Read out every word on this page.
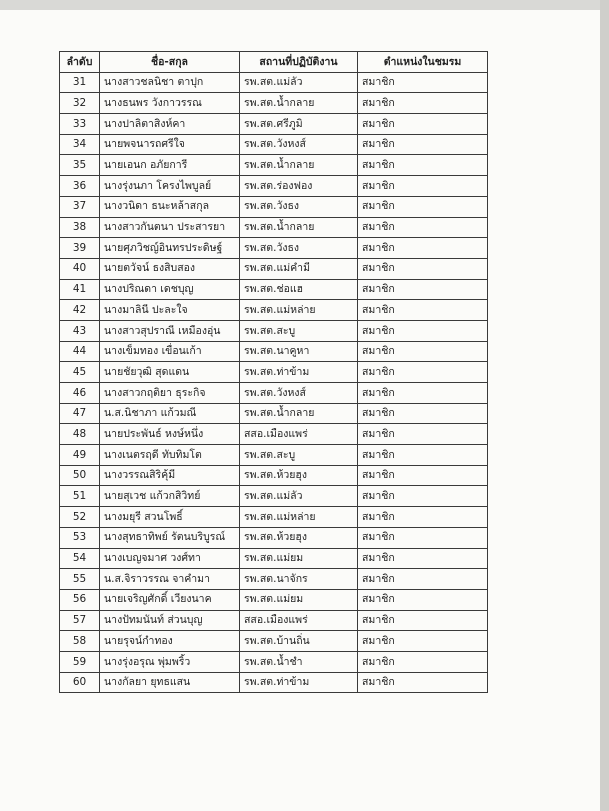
ลำดับ	ชื่อ-สกุล	สถานที่ปฏิบัติงาน	ตำแหน่งในชมรม
31	นางสาวชลนิชา ตาปุก	รพ.สต.แม่ลัว	สมาชิก
32	นางธนพร วังกาวรรณ	รพ.สต.น้ำกลาย	สมาชิก
33	นางปาลิตาสิงห์คา	รพ.สต.ศรีภูมิ	สมาชิก
34	นายพจนารถศรีใจ	รพ.สต.วังหงส์	สมาชิก
35	นายเอนก อภัยการี	รพ.สต.น้ำกลาย	สมาชิก
36	นางรุ่งนภา โครงไพบูลย์	รพ.สต.ร่องฟอง	สมาชิก
37	นางวนิดา ธนะหล้าสกุล	รพ.สต.วังธง	สมาชิก
38	นางสาวกันตนา ประสารยา	รพ.สต.น้ำกลาย	สมาชิก
39	นายศุภวิชญ์อินทรประดิษฐ์	รพ.สต.วังธง	สมาชิก
40	นายตวัจน์ ธงสิบสอง	รพ.สต.แม่คำมี	สมาชิก
41	นางปริณดา เดชบุญ	รพ.สต.ช่อแฮ	สมาชิก
42	นางมาลินี ปะละใจ	รพ.สต.แม่หล่าย	สมาชิก
43	นางสาวสุปราณี เหมืองอุ่น	รพ.สต.สะบู	สมาชิก
44	นางเข็มทอง เขื่อนเก้า	รพ.สต.นาคูหา	สมาชิก
45	นายชัยวุฒิ สุดแดน	รพ.สต.ท่าข้าม	สมาชิก
46	นางสาวกฤติยา ธุระกิจ	รพ.สต.วังหงส์	สมาชิก
47	น.ส.นิชาภา แก้วมณี	รพ.สต.น้ำกลาย	สมาชิก
48	นายประพันธ์ หงษ์หนึ่ง	สสอ.เมืองแพร่	สมาชิก
49	นางเนตรฤดี ทับทิมโต	รพ.สต.สะบู	สมาชิก
50	นางวรรณสิริคุ้มี	รพ.สต.ห้วยฮุง	สมาชิก
51	นายสุเวช แก้วกสิวิทย์	รพ.สต.แม่ลัว	สมาชิก
52	นางมยุรี สวนโพธิ์	รพ.สต.แม่หล่าย	สมาชิก
53	นางสุทธาทิพย์ รัตนบริบูรณ์	รพ.สต.ห้วยฮุง	สมาชิก
54	นางเบญจมาศ วงศ์ทา	รพ.สต.แม่ยม	สมาชิก
55	น.ส.จิราวรรณ จาคำมา	รพ.สต.นาจักร	สมาชิก
56	นายเจริญศักดิ์ เวียงนาค	รพ.สต.แม่ยม	สมาชิก
57	นางปัทมนันท์ ส่วนบุญ	สสอ.เมืองแพร่	สมาชิก
58	นายรุจน์กำทอง	รพ.สต.บ้านถิ่น	สมาชิก
59	นางรุ่งอรุณ พุ่มพริ้ว	รพ.สต.น้ำชำ	สมาชิก
60	นางกัลยา ยุทธแสน	รพ.สต.ท่าข้าม	สมาชิก
